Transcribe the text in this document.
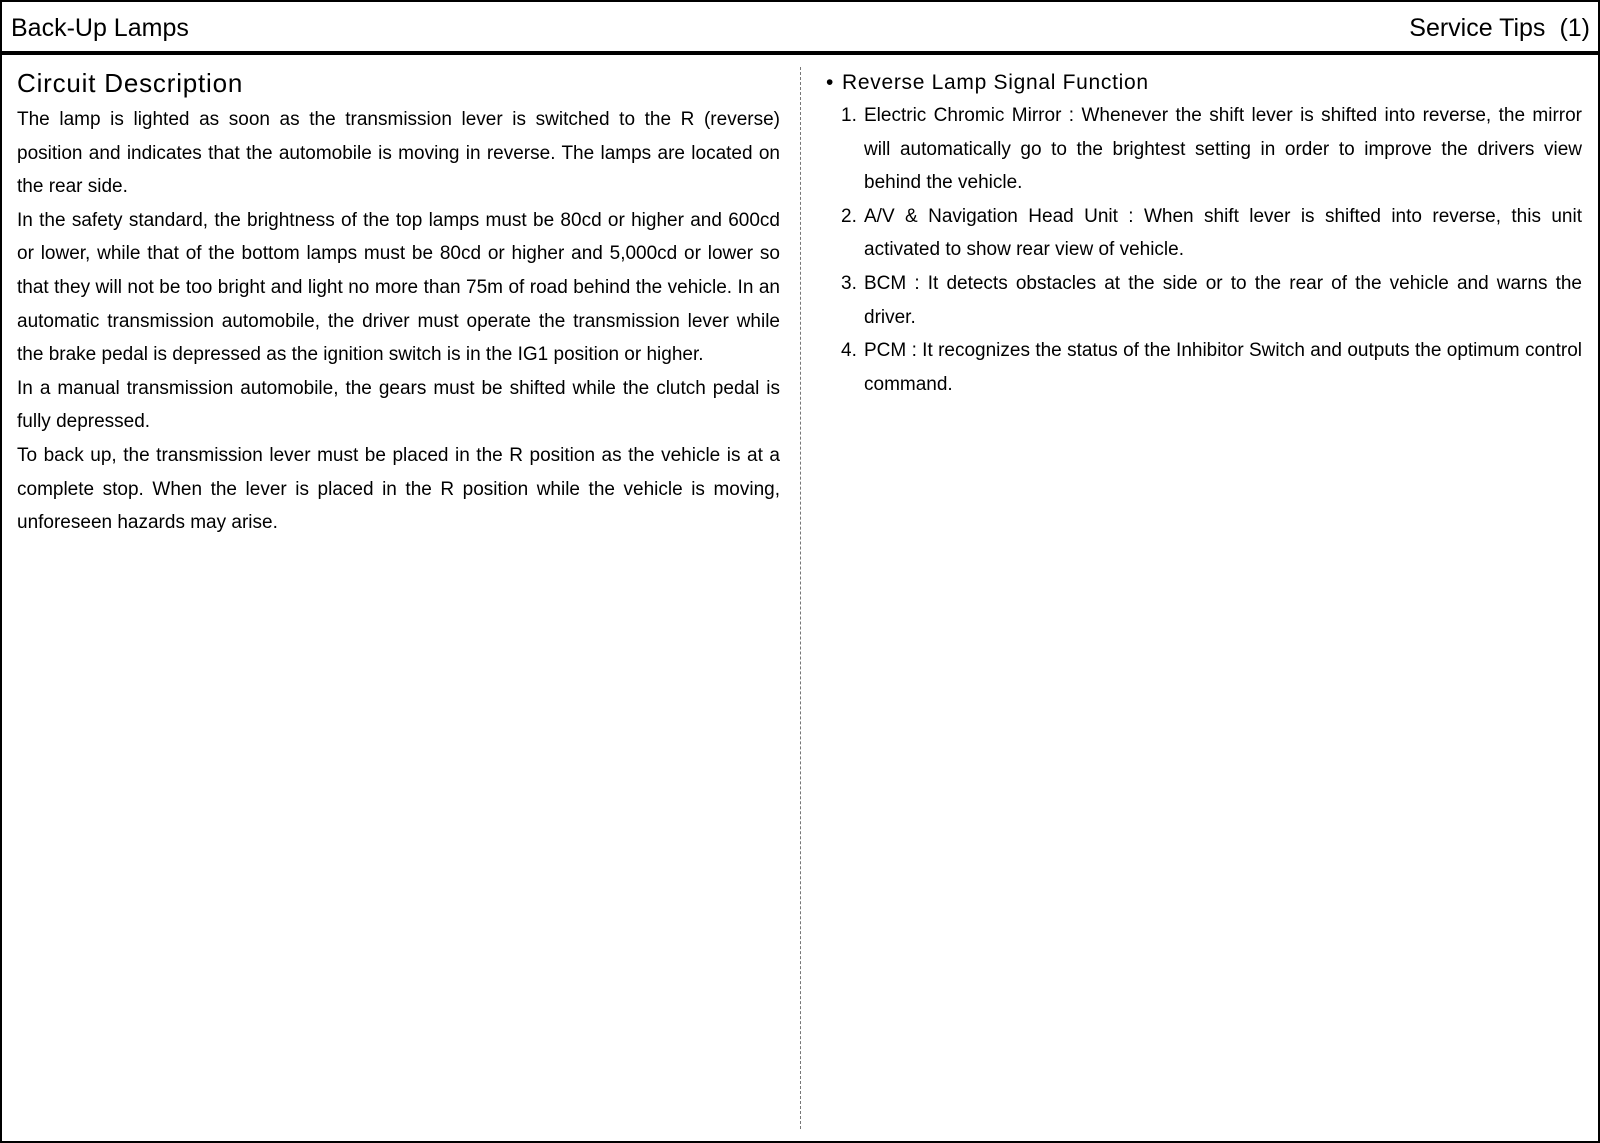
Back-Up Lamps	Service Tips (1)
Circuit Description

The lamp is lighted as soon as the transmission lever is switched to the R (reverse) position and indicates that the automobile is moving in reverse. The lamps are located on the rear side.

In the safety standard, the brightness of the top lamps must be 80cd or higher and 600cd or lower, while that of the bottom lamps must be 80cd or higher and 5,000cd or lower so that they will not be too bright and light no more than 75m of road behind the vehicle. In an automatic transmission automobile, the driver must operate the transmission lever while the brake pedal is depressed as the ignition switch is in the IG1 position or higher.

In a manual transmission automobile, the gears must be shifted while the clutch pedal is fully depressed.

To back up, the transmission lever must be placed in the R position as the vehicle is at a complete stop. When the lever is placed in the R position while the vehicle is moving, unforeseen hazards may arise.

• Reverse Lamp Signal Function
1. Electric Chromic Mirror : Whenever the shift lever is shifted into reverse, the mirror will automatically go to the brightest setting in order to improve the drivers view behind the vehicle.
2. A/V & Navigation Head Unit : When shift lever is shifted into reverse, this unit activated to show rear view of vehicle.
3. BCM : It detects obstacles at the side or to the rear of the vehicle and warns the driver.
4. PCM : It recognizes the status of the Inhibitor Switch and outputs the optimum control command.
